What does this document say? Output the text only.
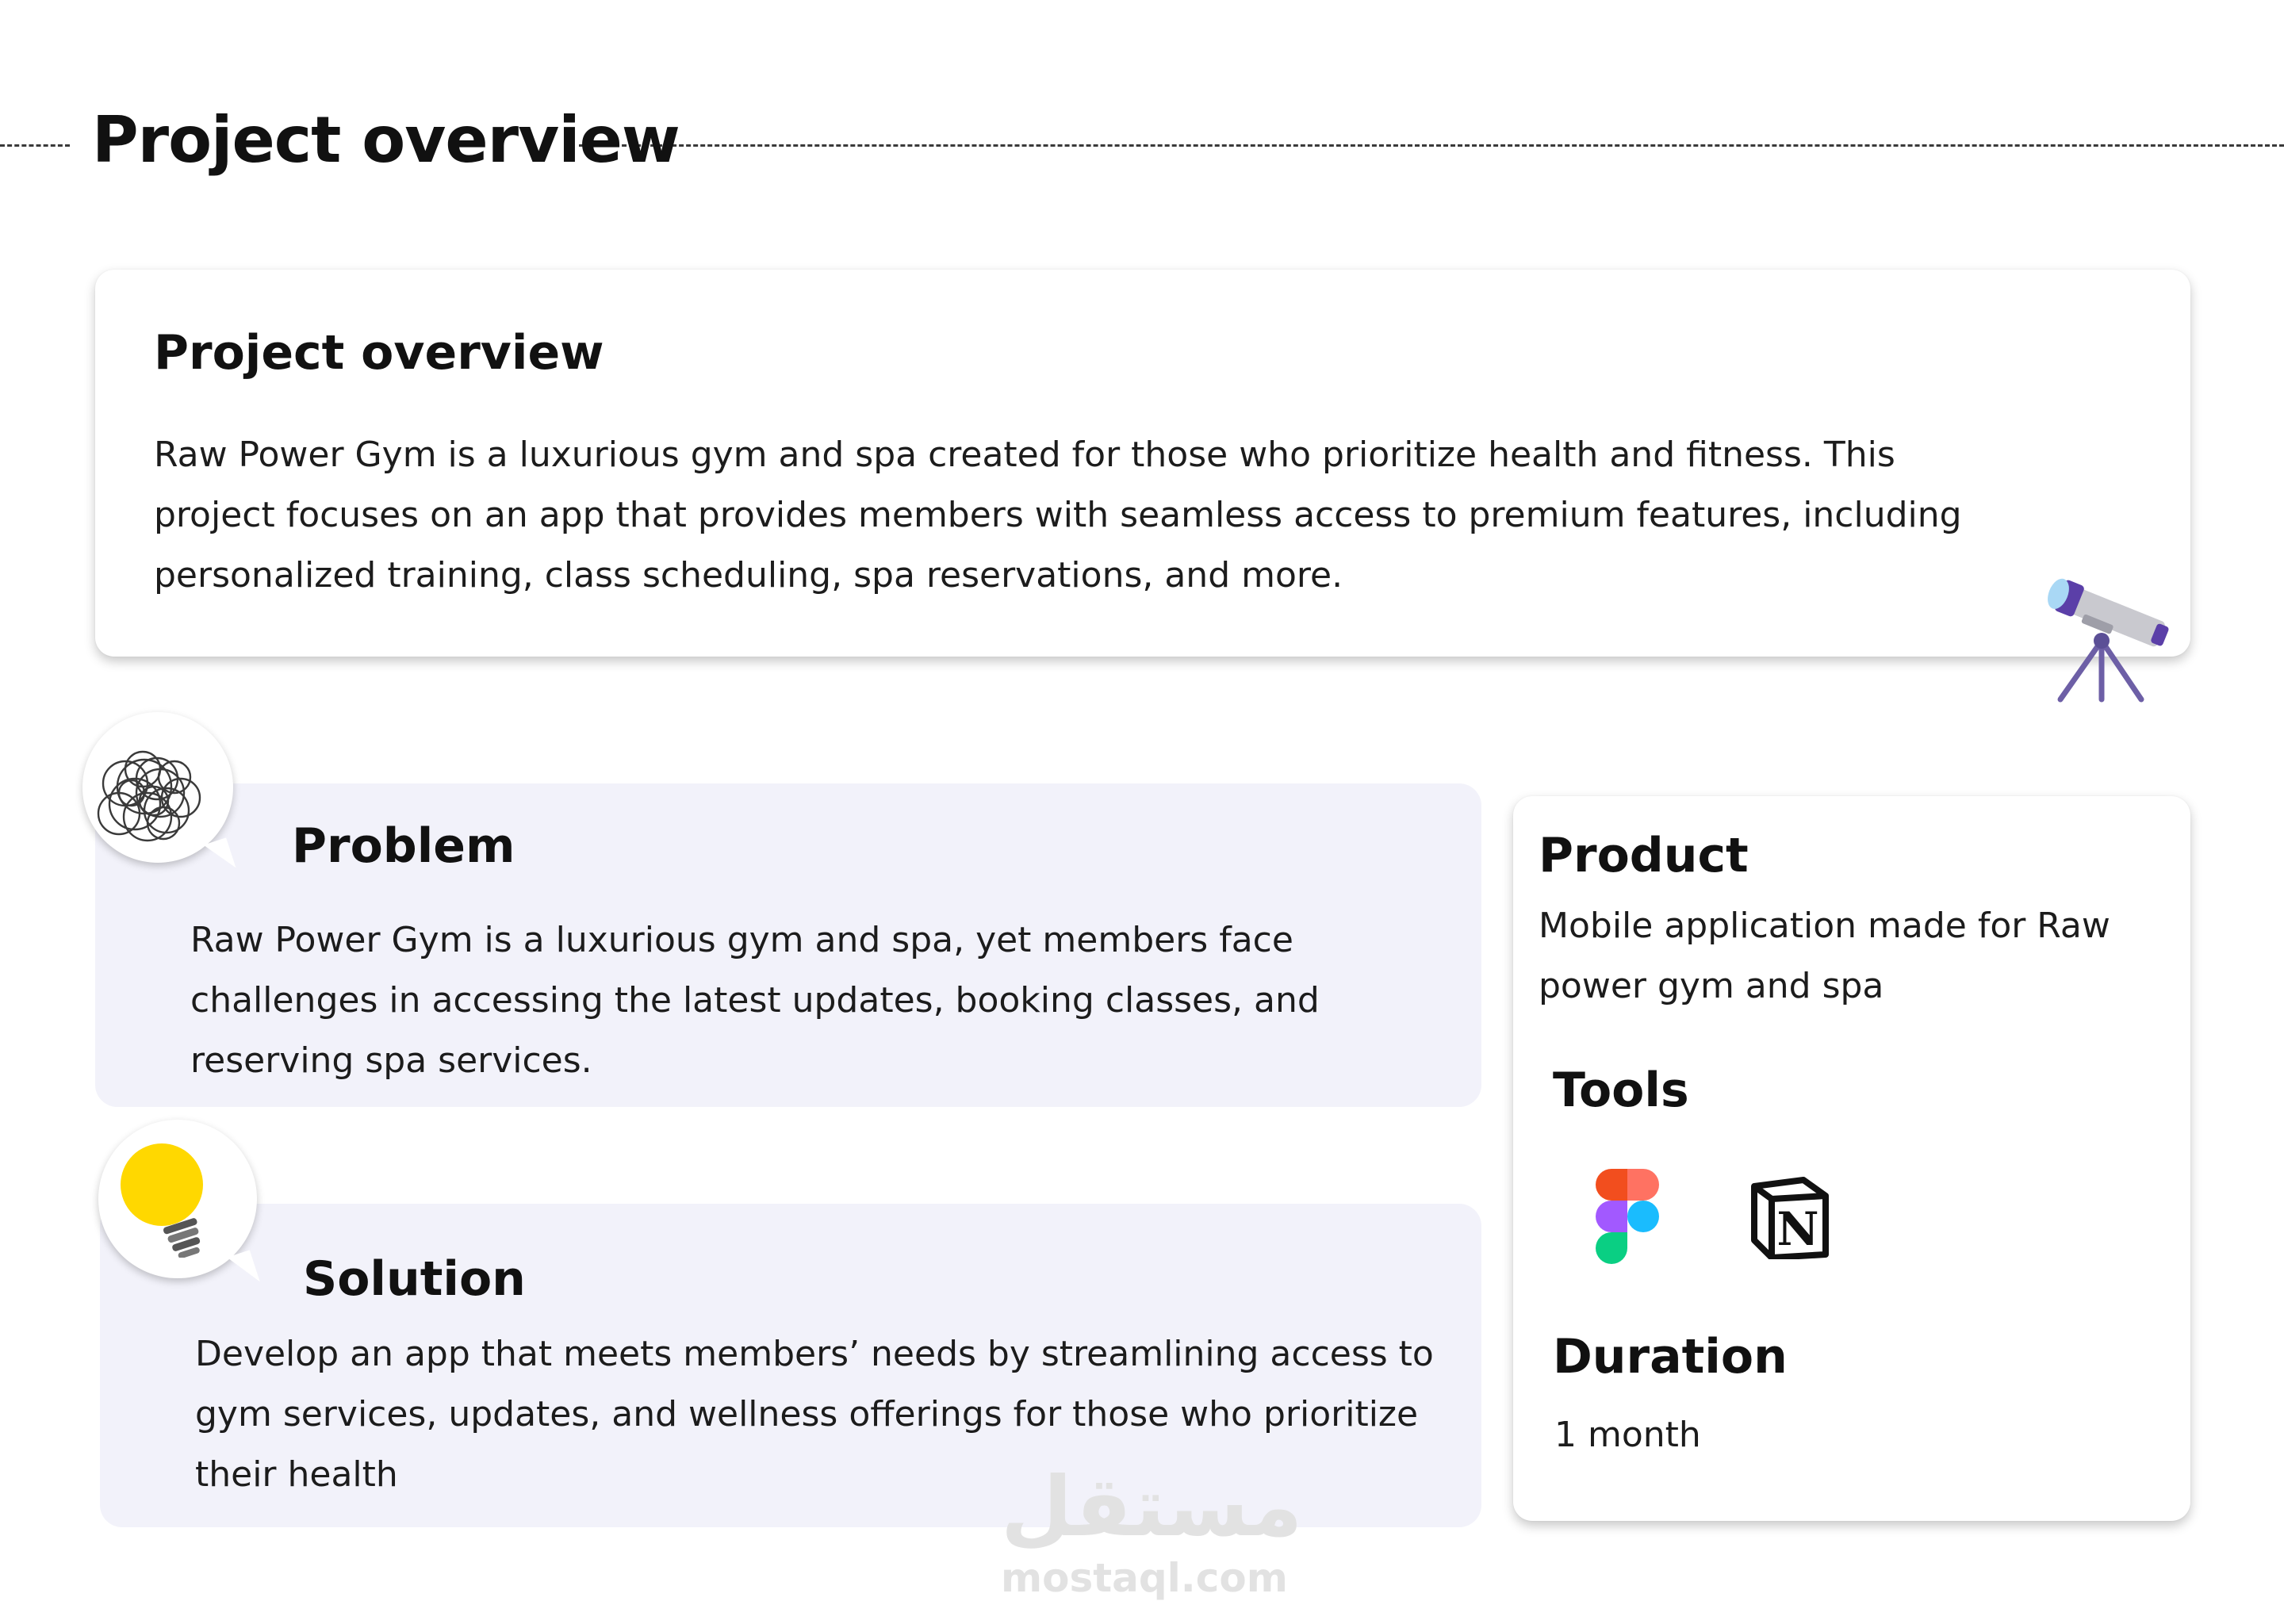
Project overview
Project overview

Raw Power Gym is a luxurious gym and spa created for those who prioritize health and fitness. This project focuses on an app that provides members with seamless access to premium features, including personalized training, class scheduling, spa reservations, and more.

Problem

Raw Power Gym is a luxurious gym and spa, yet members face challenges in accessing the latest updates, booking classes, and reserving spa services.

Solution

Develop an app that meets members’ needs by streamlining access to gym services, updates, and wellness offerings for those who prioritize their health

Product

Mobile application made for Raw power gym and spa

Tools
N
Duration

1 month

مستقل
mostaql.com
